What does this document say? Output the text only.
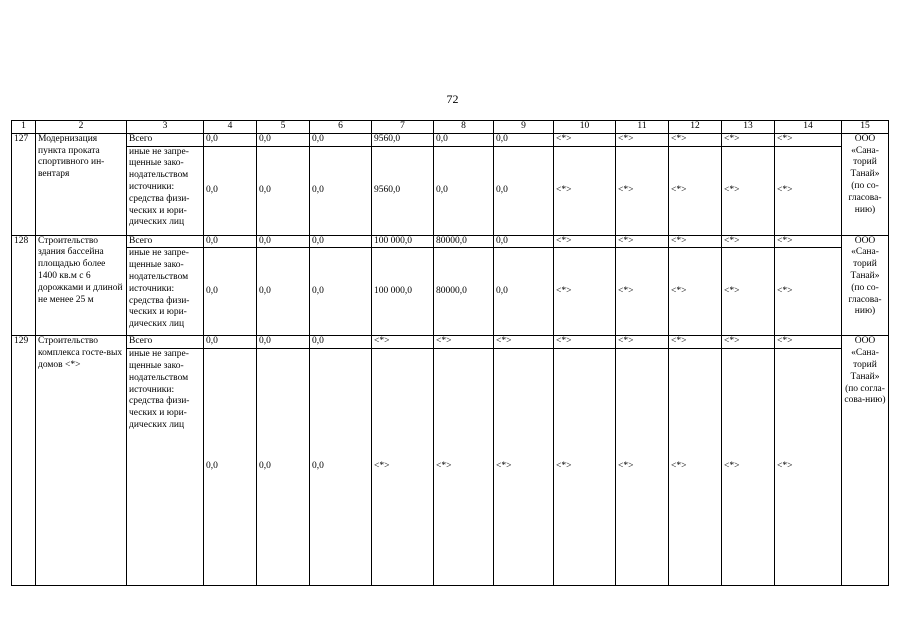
72
1	2	3	4	5	6	7	8	9	10	11	12	13	14	15
127	Модернизация пункта проката спортивного ин-вентаря	Всего	0,0	0,0	0,0	9560,0	0,0	0,0	<*>	<*>	<*>	<*>	<*>	ООО «Сана-торий Танай» (по со-гласова-нию)
		иные не запре-щенные зако-нодательством источники: средства физи-ческих и юри-дических лиц	0,0	0,0	0,0	9560,0	0,0	0,0	<*>	<*>	<*>	<*>	<*>	
128	Строительство здания бассейна площадью более 1400 кв.м с 6 дорожками и длиной не менее 25 м	Всего	0,0	0,0	0,0	100 000,0	80000,0	0,0	<*>	<*>	<*>	<*>	<*>	ООО «Сана-торий Танай» (по со-гласова-нию)
		иные не запре-щенные зако-нодательством источники: средства физи-ческих и юри-дических лиц	0,0	0,0	0,0	100 000,0	80000,0	0,0	<*>	<*>	<*>	<*>	<*>	
129	Строительство комплекса госте-вых домов <*>	Всего	0,0	0,0	0,0	<*>	<*>	<*>	<*>	<*>	<*>	<*>	<*>	ООО «Сана-торий Танай» (по согла-сова-нию)
		иные не запре-щенные зако-нодательством источники: средства физи-ческих и юри-дических лиц	0,0	0,0	0,0	<*>	<*>	<*>	<*>	<*>	<*>	<*>	<*>	
